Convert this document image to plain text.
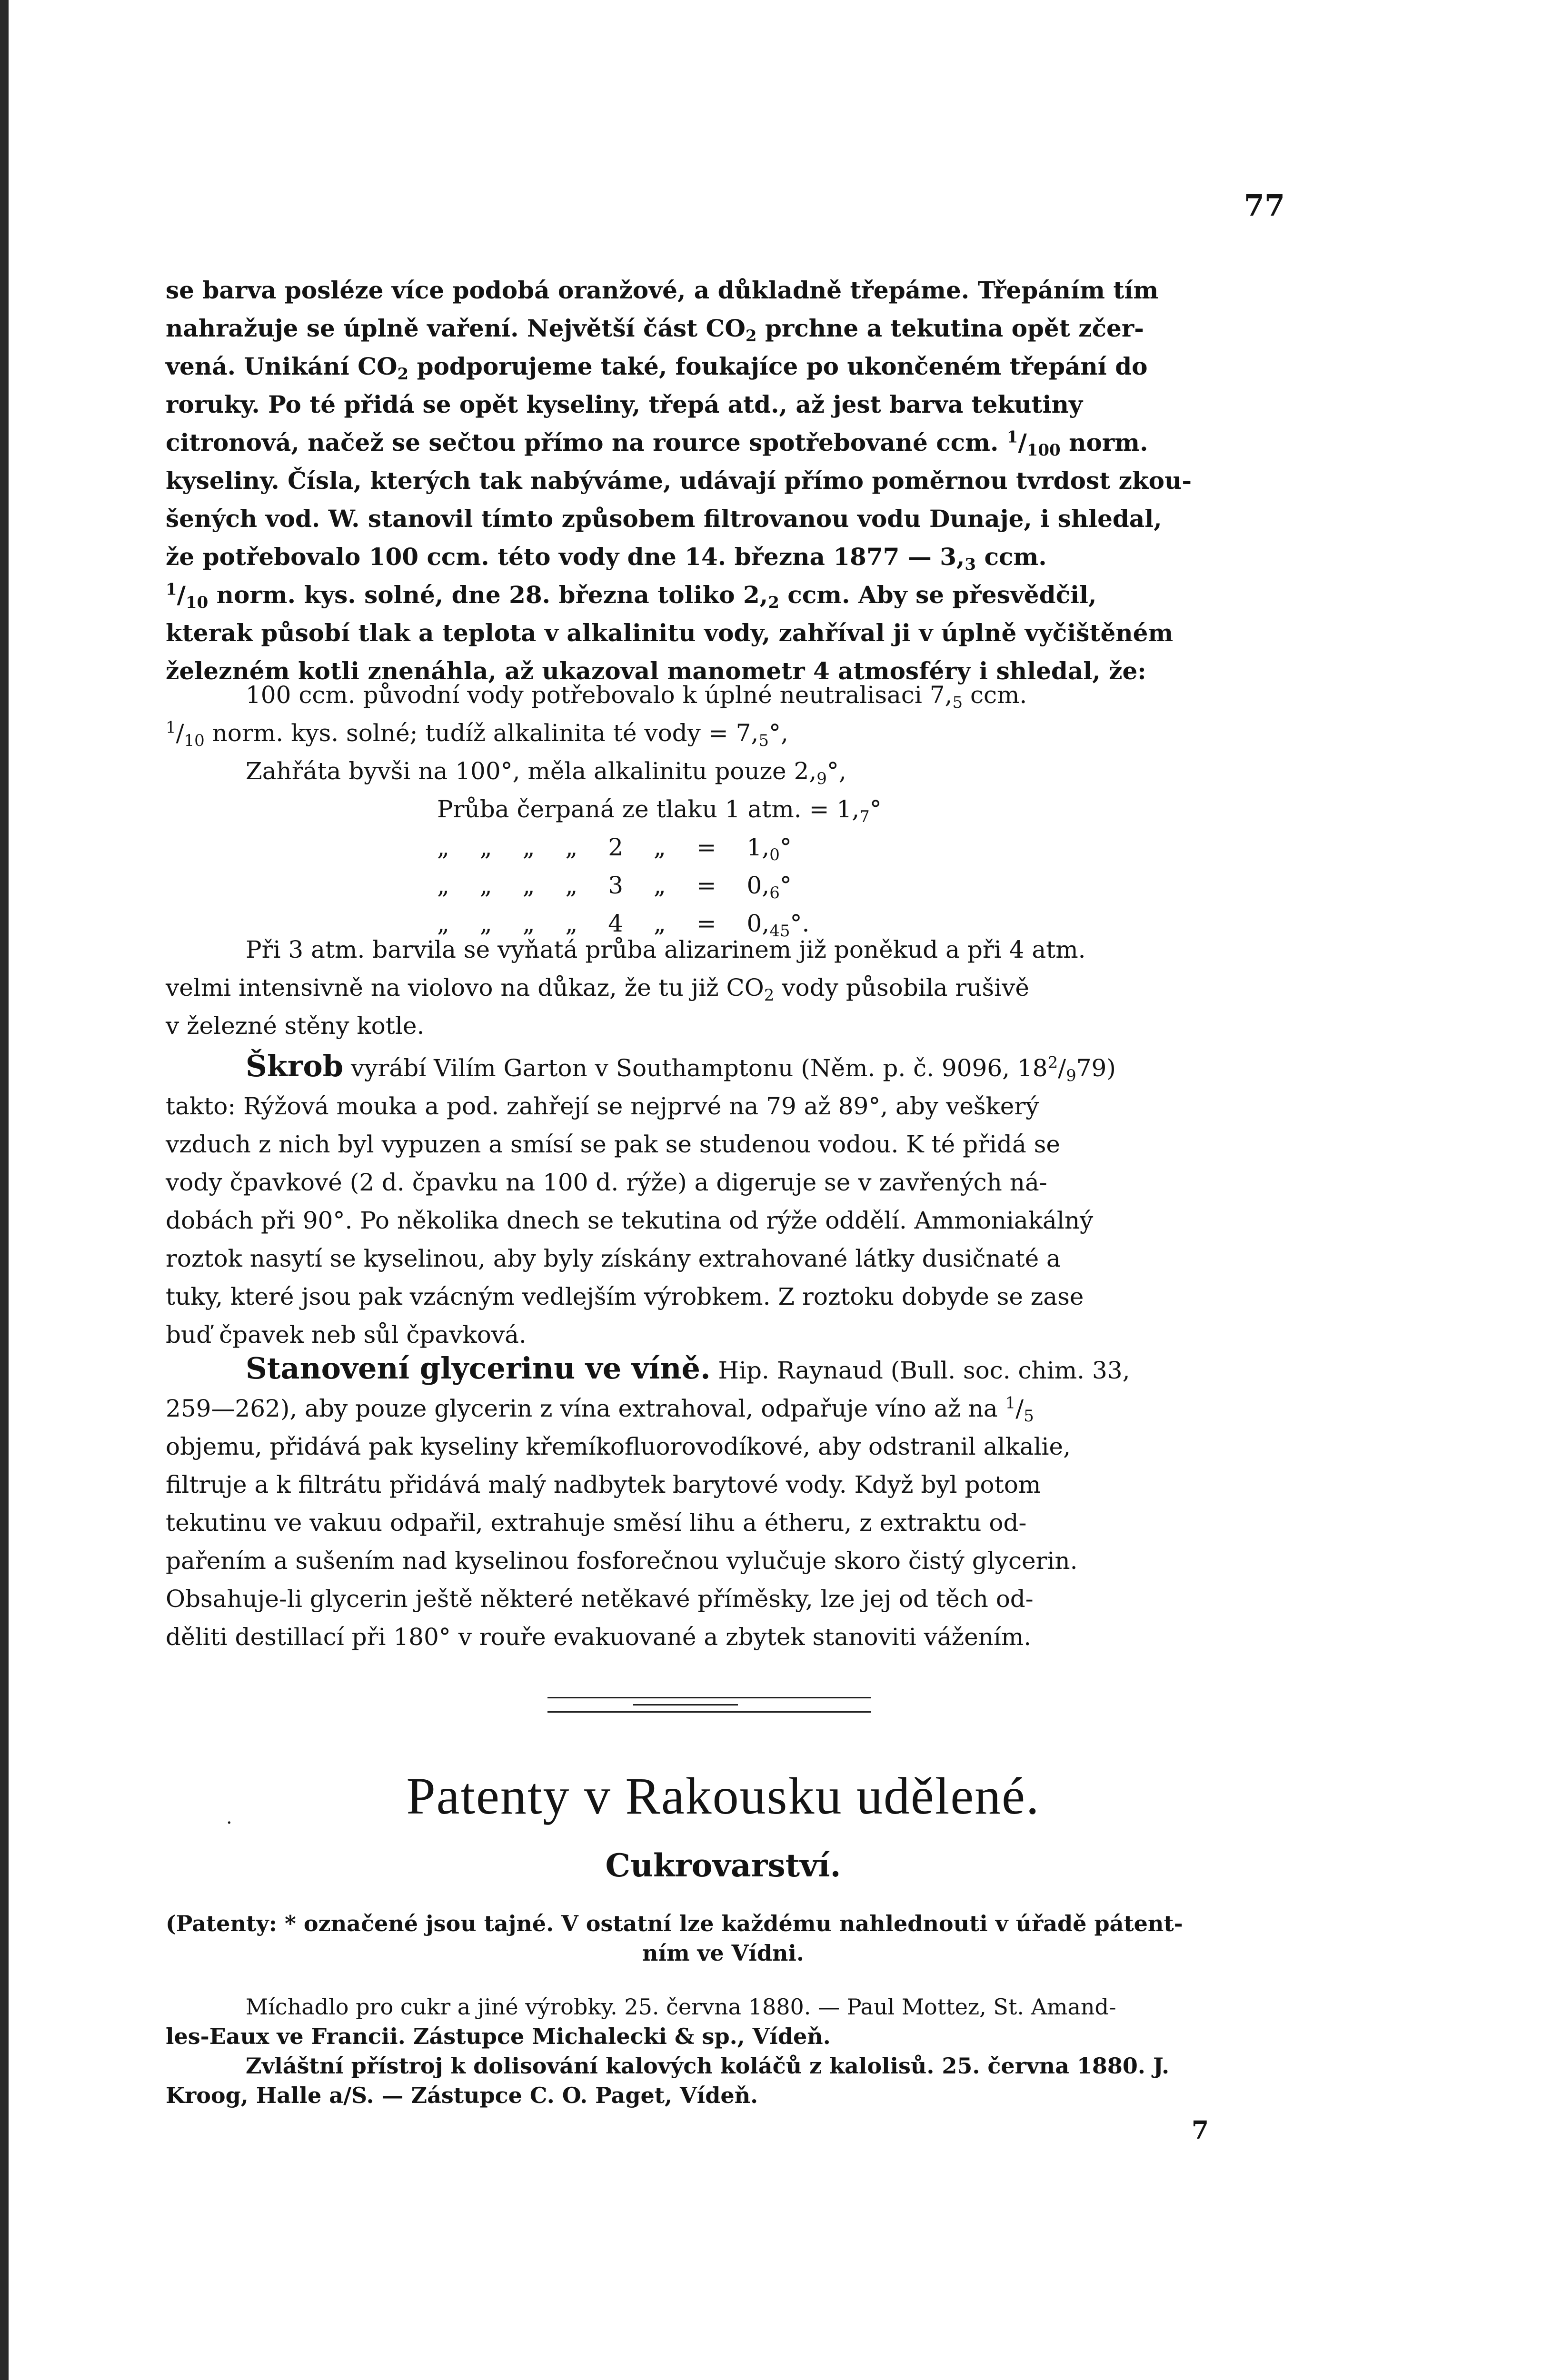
77

se barva posléze více podobá oranžové, a důkladně třepáme. Třepáním tím

nahražuje se úplně vaření. Největší část $CO_2$ prchne a tekutina opět zčer-

vená. Unikání $CO_2$ podporujeme také, foukajíce po ukončeném třepání do

roruky. Po té přidá se opět kyseliny, třepá atd., až jest barva tekutiny

citronová, načež se sečtou přímo na rource spotřebované ccm. $^1/_{100}$ norm.

kyseliny. Čísla, kterých tak nabýváme, udávají přímo poměrnou tvrdost zkou-

šených vod. W. stanovil tímto způsobem filtrovanou vodu Dunaje, i shledal,

že potřebovalo 100 ccm. této vody dne 14. března 1877 — $3,_3$ ccm.

$^1/_{10}$ norm. kys. solné, dne 28. března toliko $2,_2$ ccm. Aby se přesvědčil,

kterak působí tlak a teplota v alkalinitu vody, zahříval ji v úplně vyčištěném

železném kotli znenáhla, až ukazoval manometr 4 atmosféry i shledal, že:

100 ccm. původní vody potřebovalo k úplné neutralisaci $7,_5$ ccm.

$^1/_{10}$ norm. kys. solné; tudíž alkalinita té vody = $7,_5^\circ$,

Zahřáta byvši na 100°, měla alkalinitu pouze $2,_9^\circ$,

Průba čerpaná ze tlaku 1 atm. = $1,_7^\circ$

„ „ „ „ 2 „ = $1,_0^\circ$

„ „ „ „ 3 „ = $0,_6^\circ$

„ „ „ „ 4 „ = $0,_{45}^\circ$.

Při 3 atm. barvila se vyňatá průba alizarinem již poněkud a při 4 atm.

velmi intensivně na violovo na důkaz, že tu již $CO_2$ vody působila rušivě

v železné stěny kotle.

Škrob vyrábí Vilím Garton v Southamptonu (Něm. p. č. 9096, $18^2/_979$)

takto: Rýžová mouka a pod. zahřejí se nejprvé na 79 až 89°, aby veškerý

vzduch z nich byl vypuzen a smísí se pak se studenou vodou. K té přidá se

vody čpavkové (2 d. čpavku na 100 d. rýže) a digeruje se v zavřených ná-

dobách při 90°. Po několika dnech se tekutina od rýže oddělí. Ammoniakálný

roztok nasytí se kyselinou, aby byly získány extrahované látky dusičnaté a

tuky, které jsou pak vzácným vedlejším výrobkem. Z roztoku dobyde se zase

buď čpavek neb sůl čpavková.

Stanovení glycerinu ve víně. Hip. Raynaud (Bull. soc. chim. 33,

259—262), aby pouze glycerin z vína extrahoval, odpařuje víno až na $^1/_5$

objemu, přidává pak kyseliny křemíkofluorovodíkové, aby odstranil alkalie,

filtruje a k filtrátu přidává malý nadbytek barytové vody. Když byl potom

tekutinu ve vakuu odpařil, extrahuje směsí lihu a étheru, z extraktu od-

pařením a sušením nad kyselinou fosforečnou vylučuje skoro čistý glycerin.

Obsahuje-li glycerin ještě některé netěkavé příměsky, lze jej od těch od-

děliti destillací při 180° v rouře evakuované a zbytek stanoviti vážením.

.	Patenty v Rakousku udělené.
Cukrovarství.

(Patenty: * označené jsou tajné. V ostatní lze každému nahlednouti v úřadě pátent-

ním ve Vídni.

Míchadlo pro cukr a jiné výrobky. 25. června 1880. — Paul Mottez, St. Amand-

les-Eaux ve Francii. Zástupce Michalecki & sp., Vídeň.

Zvláštní přístroj k dolisování kalových koláčů z kalolisů. 25. června 1880. J.

Kroog, Halle a/S. — Zástupce C. O. Paget, Vídeň.

7
